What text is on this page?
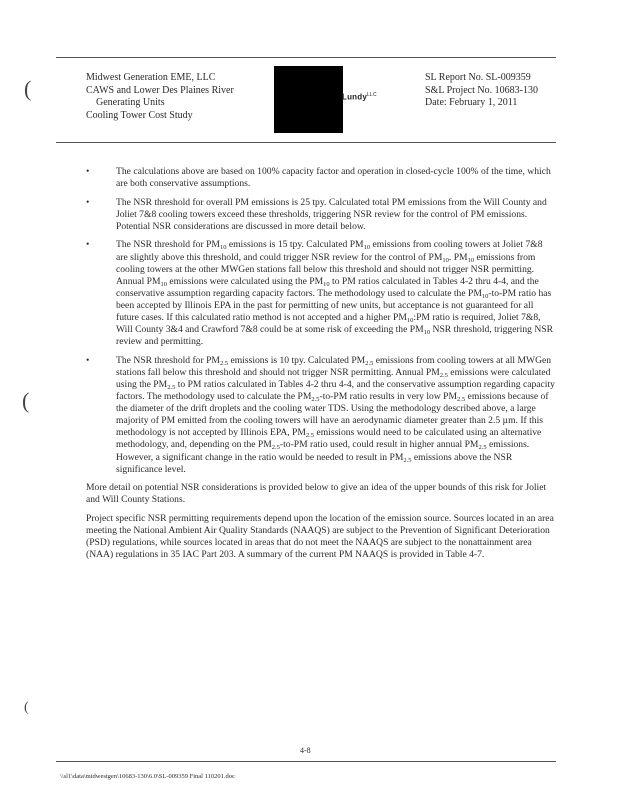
(
(
(
Midwest Generation EME, LLC
CAWS and Lower Des Plaines River
Generating Units
Cooling Tower Cost Study
Lundy$^{LLC}$
SL Report No. SL-009359
S&L Project No. 10683-130
Date: February 1, 2011
•	The calculations above are based on 100% capacity factor and operation in closed-cycle 100% of the time, which are both conservative assumptions.
•	The NSR threshold for overall PM emissions is 25 tpy. Calculated total PM emissions from the Will County and Joliet 7&8 cooling towers exceed these thresholds, triggering NSR review for the control of PM emissions. Potential NSR considerations are discussed in more detail below.
•	The NSR threshold for $PM_{10}$ emissions is 15 tpy. Calculated $PM_{10}$ emissions from cooling towers at Joliet 7&8 are slightly above this threshold, and could trigger NSR review for the control of $PM_{10}$. $PM_{10}$ emissions from cooling towers at the other MWGen stations fall below this threshold and should not trigger NSR permitting. Annual $PM_{10}$ emissions were calculated using the $PM_{10}$ to PM ratios calculated in Tables 4-2 thru 4-4, and the conservative assumption regarding capacity factors. The methodology used to calculate the $PM_{10}-to-PM$ ratio has been accepted by Illinois EPA in the past for permitting of new units, but acceptance is not guaranteed for all future cases. If this calculated ratio method is not accepted and a higher $PM_{10}:PM$ ratio is required, Joliet 7&8, Will County 3&4 and Crawford 7&8 could be at some risk of exceeding the $PM_{10}$ NSR threshold, triggering NSR review and permitting.
•	The NSR threshold for $PM_{2.5}$ emissions is 10 tpy. Calculated $PM_{2.5}$ emissions from cooling towers at all MWGen stations fall below this threshold and should not trigger NSR permitting. Annual $PM_{2.5}$ emissions were calculated using the $PM_{2.5}$ to PM ratios calculated in Tables 4-2 thru 4-4, and the conservative assumption regarding capacity factors. The methodology used to calculate the $PM_{2.5}-to-PM$ ratio results in very low $PM_{2.5}$ emissions because of the diameter of the drift droplets and the cooling water TDS. Using the methodology described above, a large majority of PM emitted from the cooling towers will have an aerodynamic diameter greater than 2.5 µm. If this methodology is not accepted by Illinois EPA, $PM_{2.5}$ emissions would need to be calculated using an alternative methodology, and, depending on the $PM_{2.5}-to-PM$ ratio used, could result in higher annual $PM_{2.5}$ emissions. However, a significant change in the ratio would be needed to result in $PM_{2.5}$ emissions above the NSR significance level.
More detail on potential NSR considerations is provided below to give an idea of the upper bounds of this risk for Joliet and Will County Stations.
Project specific NSR permitting requirements depend upon the location of the emission source. Sources located in an area meeting the National Ambient Air Quality Standards (NAAQS) are subject to the Prevention of Significant Deterioration (PSD) regulations, while sources located in areas that do not meet the NAAQS are subject to the nonattainment area (NAA) regulations in 35 IAC Part 203. A summary of the current PM NAAQS is provided in Table 4-7.
4-8
\\sl1\data\midwestgen\10683-130\6.0\SL-009359 Final 110201.doc
